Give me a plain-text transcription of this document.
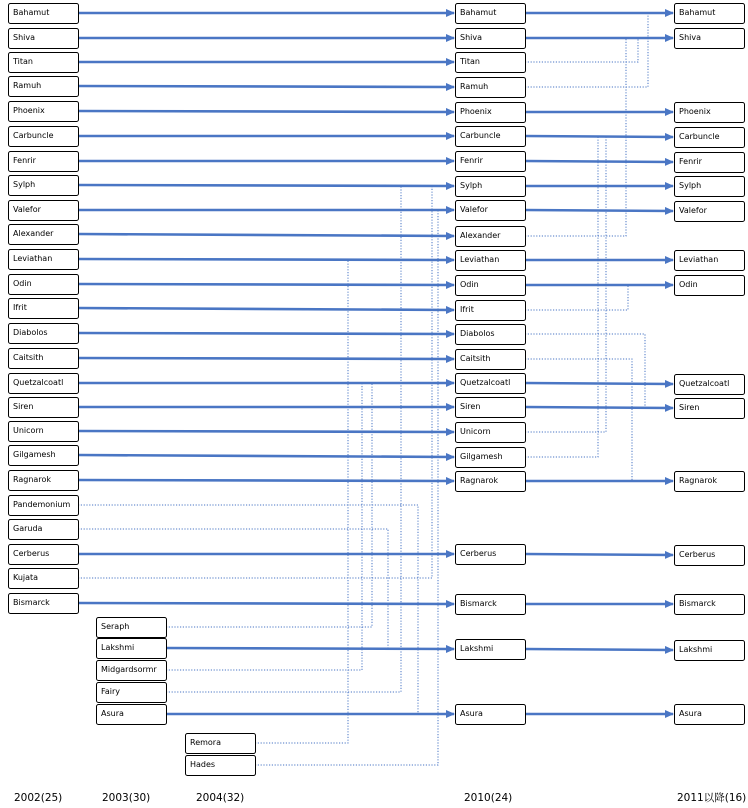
Bahamut
Shiva
Titan
Ramuh
Phoenix
Carbuncle
Fenrir
Sylph
Valefor
Alexander
Leviathan
Odin
Ifrit
Diabolos
Caitsith
Quetzalcoatl
Siren
Unicorn
Gilgamesh
Ragnarok
Pandemonium
Garuda
Cerberus
Kujata
Bismarck
Seraph
Lakshmi
Midgardsormr
Fairy
Asura
Remora
Hades
Bahamut
Shiva
Titan
Ramuh
Phoenix
Carbuncle
Fenrir
Sylph
Valefor
Alexander
Leviathan
Odin
Ifrit
Diabolos
Caitsith
Quetzalcoatl
Siren
Unicorn
Gilgamesh
Ragnarok
Cerberus
Bismarck
Lakshmi
Asura
Bahamut
Shiva
Phoenix
Carbuncle
Fenrir
Sylph
Valefor
Leviathan
Odin
Quetzalcoatl
Siren
Ragnarok
Cerberus
Bismarck
Lakshmi
Asura
2002(25)	2003(30)	2004(32)	2010(24)	2011以降(16)
